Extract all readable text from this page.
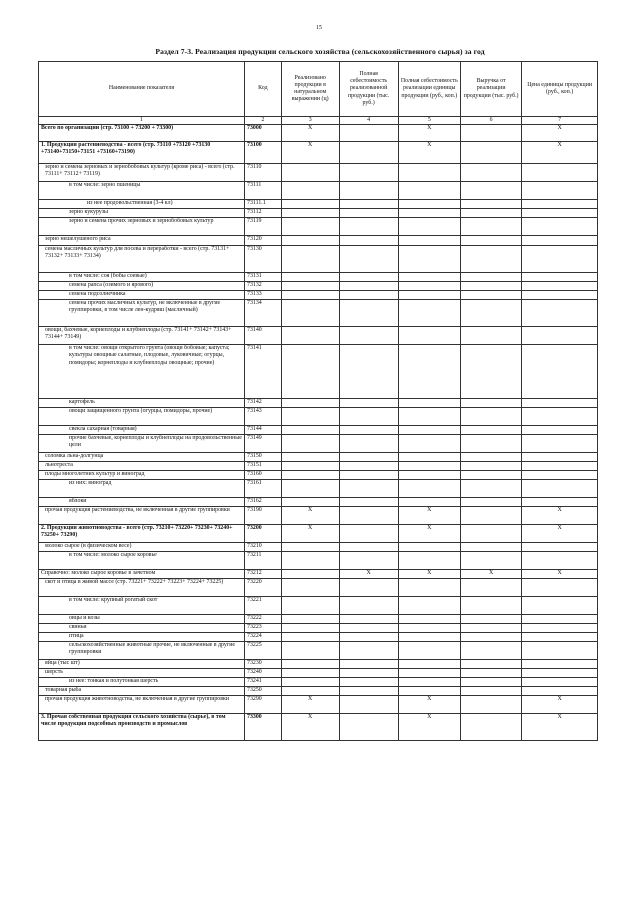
15
Раздел 7-3. Реализация продукции сельского хозяйства (сельскохозяйственного сырья) за год
Наименование показателя	Код	Реализовано продукции в натуральном выражении (ц)	Полная себестоимость реализованной продукции (тыс. руб.)	Полная себестоимость реализации единицы продукции (руб., коп.)	Выручка от реализации продукции (тыс. руб.)	Цена единицы продукции (руб., коп.)
1	2	3	4	5	6	7
Всего по организации (стр. 73100 + 73200 + 73300)	73000	X		X		X
1. Продукция растениеводства - всего (стр. 73110 +73120 +73130 +73140+73150+73151 +73160+73190)	73100	X		X		X
зерно и семена зерновых и зернобобовых культур (кроме риса) - всего (стр. 73111+ 73112+ 73119)	73110					
в том числе: зерно пшеницы	73111					
из нее продовольственная (3-4 кл)	73111.1					
зерно кукурузы	73112					
зерно и семена прочих зерновых и зернобобовых культур	73119					
зерно нешелушеного риса	73120					
семена масличных культур для посева и переработки - всего (стр. 73131+ 73132+ 73133+ 73134)	73130					
в том числе: соя (бобы соевые)	73131					
семена рапса (озимого и ярового)	73132					
семена подсолнечника	73133					
семена прочих масличных культур, не включенные в другие группировки, в том числе лен-кудряш (масличный)	73134					
овощи, бахчевые, корнеплоды и клубнеплоды (стр. 73141+ 73142+ 73143+ 73144+ 73149)	73140					
в том числе: овощи открытого грунта (овощи бобовые; капуста; культуры овощные салатные, плодовые, луковичные; огурцы, помидоры; корнеплоды и клубнеплоды овощные; прочие)	73141					
картофель	73142					
овощи защищенного грунта (огурцы, помидоры, прочие)	73143					
свекла сахарная (товарная)	73144					
прочие бахчевые, корнеплоды и клубнеплоды на продовольственные цели	73149					
соломка льна-долгунца	73150					
льнотреста	73151					
плоды многолетних культур и виноград	73160					
из них: виноград	73161					
яблоки	73162					
прочая продукция растениеводства, не включенная в другие группировки	73190	X		X		X
2. Продукция животноводства - всего (стр. 73210+ 73220+ 73230+ 73240+ 73250+ 73290)	73200	X		X		X
молоко сырое (в физическом весе)	73210					
в том числе: молоко сырое коровье	73211					
Справочно: молоко сырое коровье в зачетном	73212		X	X	X	X
скот и птица в живой массе (стр. 73221+ 73222+ 73223+ 73224+ 73225)	73220					
в том числе: крупный рогатый скот	73221					
овцы и козы	73222					
свиньи	73223					
птица	73224					
сельскохозяйственные животные прочие, не включенные в другие группировки	73225					
яйца (тыс шт)	73230					
шерсть	73240					
из нее: тонкая и полутонкая шерсть	73241					
товарная рыба	73250					
прочая продукция животноводства, не включенная в другие группировки	73290	X		X		X
3. Прочая собственная продукция сельского хозяйства (сырье), в том числе продукция подсобных производств и промыслов	73300	X		X		X
